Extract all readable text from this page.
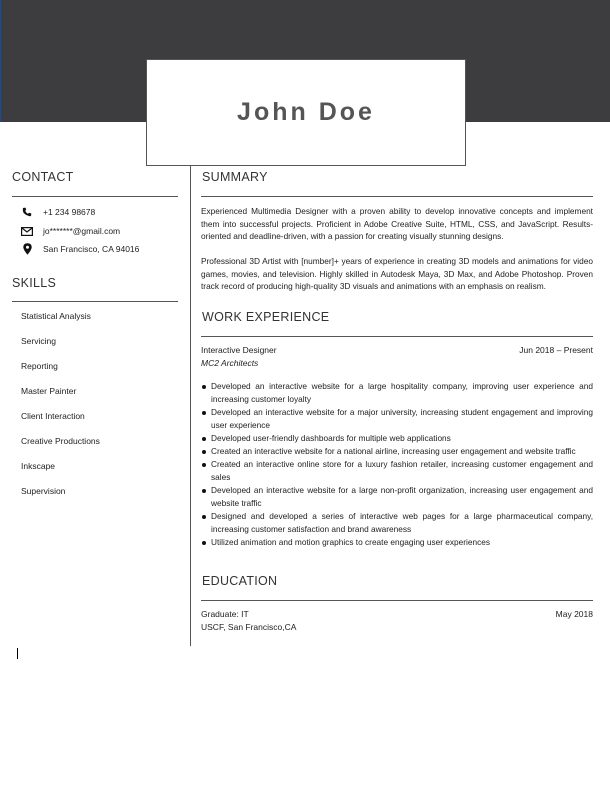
John Doe
CONTACT
+1 234 98678
jo*******@gmail.com
San Francisco, CA 94016
SKILLS
Statistical Analysis
Servicing
Reporting
Master Painter
Client Interaction
Creative Productions
Inkscape
Supervision
SUMMARY
Experienced Multimedia Designer with a proven ability to develop innovative concepts and implement them into successful projects. Proficient in Adobe Creative Suite, HTML, CSS, and JavaScript. Results-oriented and deadline-driven, with a passion for creating visually stunning designs.
Professional 3D Artist with [number]+ years of experience in creating 3D models and animations for video games, movies, and television. Highly skilled in Autodesk Maya, 3D Max, and Adobe Photoshop. Proven track record of producing high-quality 3D visuals and animations with an emphasis on realism.
WORK EXPERIENCE
Interactive Designer	Jun 2018 – Present
MC2 Architects
Developed an interactive website for a large hospitality company, improving user experience and increasing customer loyalty
Developed an interactive website for a major university, increasing student engagement and improving user experience
Developed user-friendly dashboards for multiple web applications
Created an interactive website for a national airline, increasing user engagement and website traffic
Created an interactive online store for a luxury fashion retailer, increasing customer engagement and sales
Developed an interactive website for a large non-profit organization, increasing user engagement and website traffic
Designed and developed a series of interactive web pages for a large pharmaceutical company, increasing customer satisfaction and brand awareness
Utilized animation and motion graphics to create engaging user experiences
EDUCATION
Graduate: IT	May 2018
USCF, San Francisco,CA
